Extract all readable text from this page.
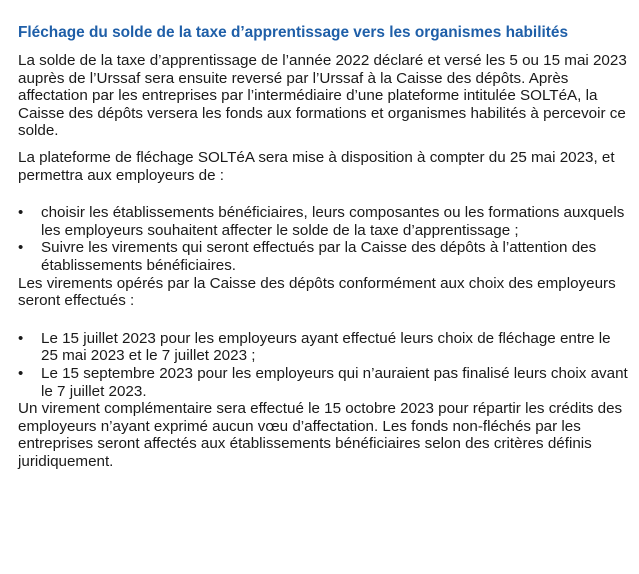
Fléchage du solde de la taxe d’apprentissage vers les organismes habilités

La solde de la taxe d’apprentissage de l’année 2022 déclaré et versé les 5 ou 15 mai 2023 auprès de l’Urssaf sera ensuite reversé par l’Urssaf à la Caisse des dépôts. Après affectation par les entreprises par l’intermédiaire d’une plateforme intitulée SOLTéA, la Caisse des dépôts versera les fonds aux formations et organismes habilités à percevoir ce solde.

La plateforme de fléchage SOLTéA sera mise à disposition à compter du 25 mai 2023, et permettra aux employeurs de :

•	choisir les établissements bénéficiaires, leurs composantes ou les formations auxquels les employeurs souhaitent affecter le solde de la taxe d’apprentissage ;
•	Suivre les virements qui seront effectués par la Caisse des dépôts à l’attention des établissements bénéficiaires.

Les virements opérés par la Caisse des dépôts conformément aux choix des employeurs seront effectués :

•	Le 15 juillet 2023 pour les employeurs ayant effectué leurs choix de fléchage entre le 25 mai 2023 et le 7 juillet 2023 ;
•	Le 15 septembre 2023 pour les employeurs qui n’auraient pas finalisé leurs choix avant le 7 juillet 2023.

Un virement complémentaire sera effectué le 15 octobre 2023 pour répartir les crédits des employeurs n’ayant exprimé aucun vœu d’affectation. Les fonds non-fléchés par les entreprises seront affectés aux établissements bénéficiaires selon des critères définis juridiquement.
